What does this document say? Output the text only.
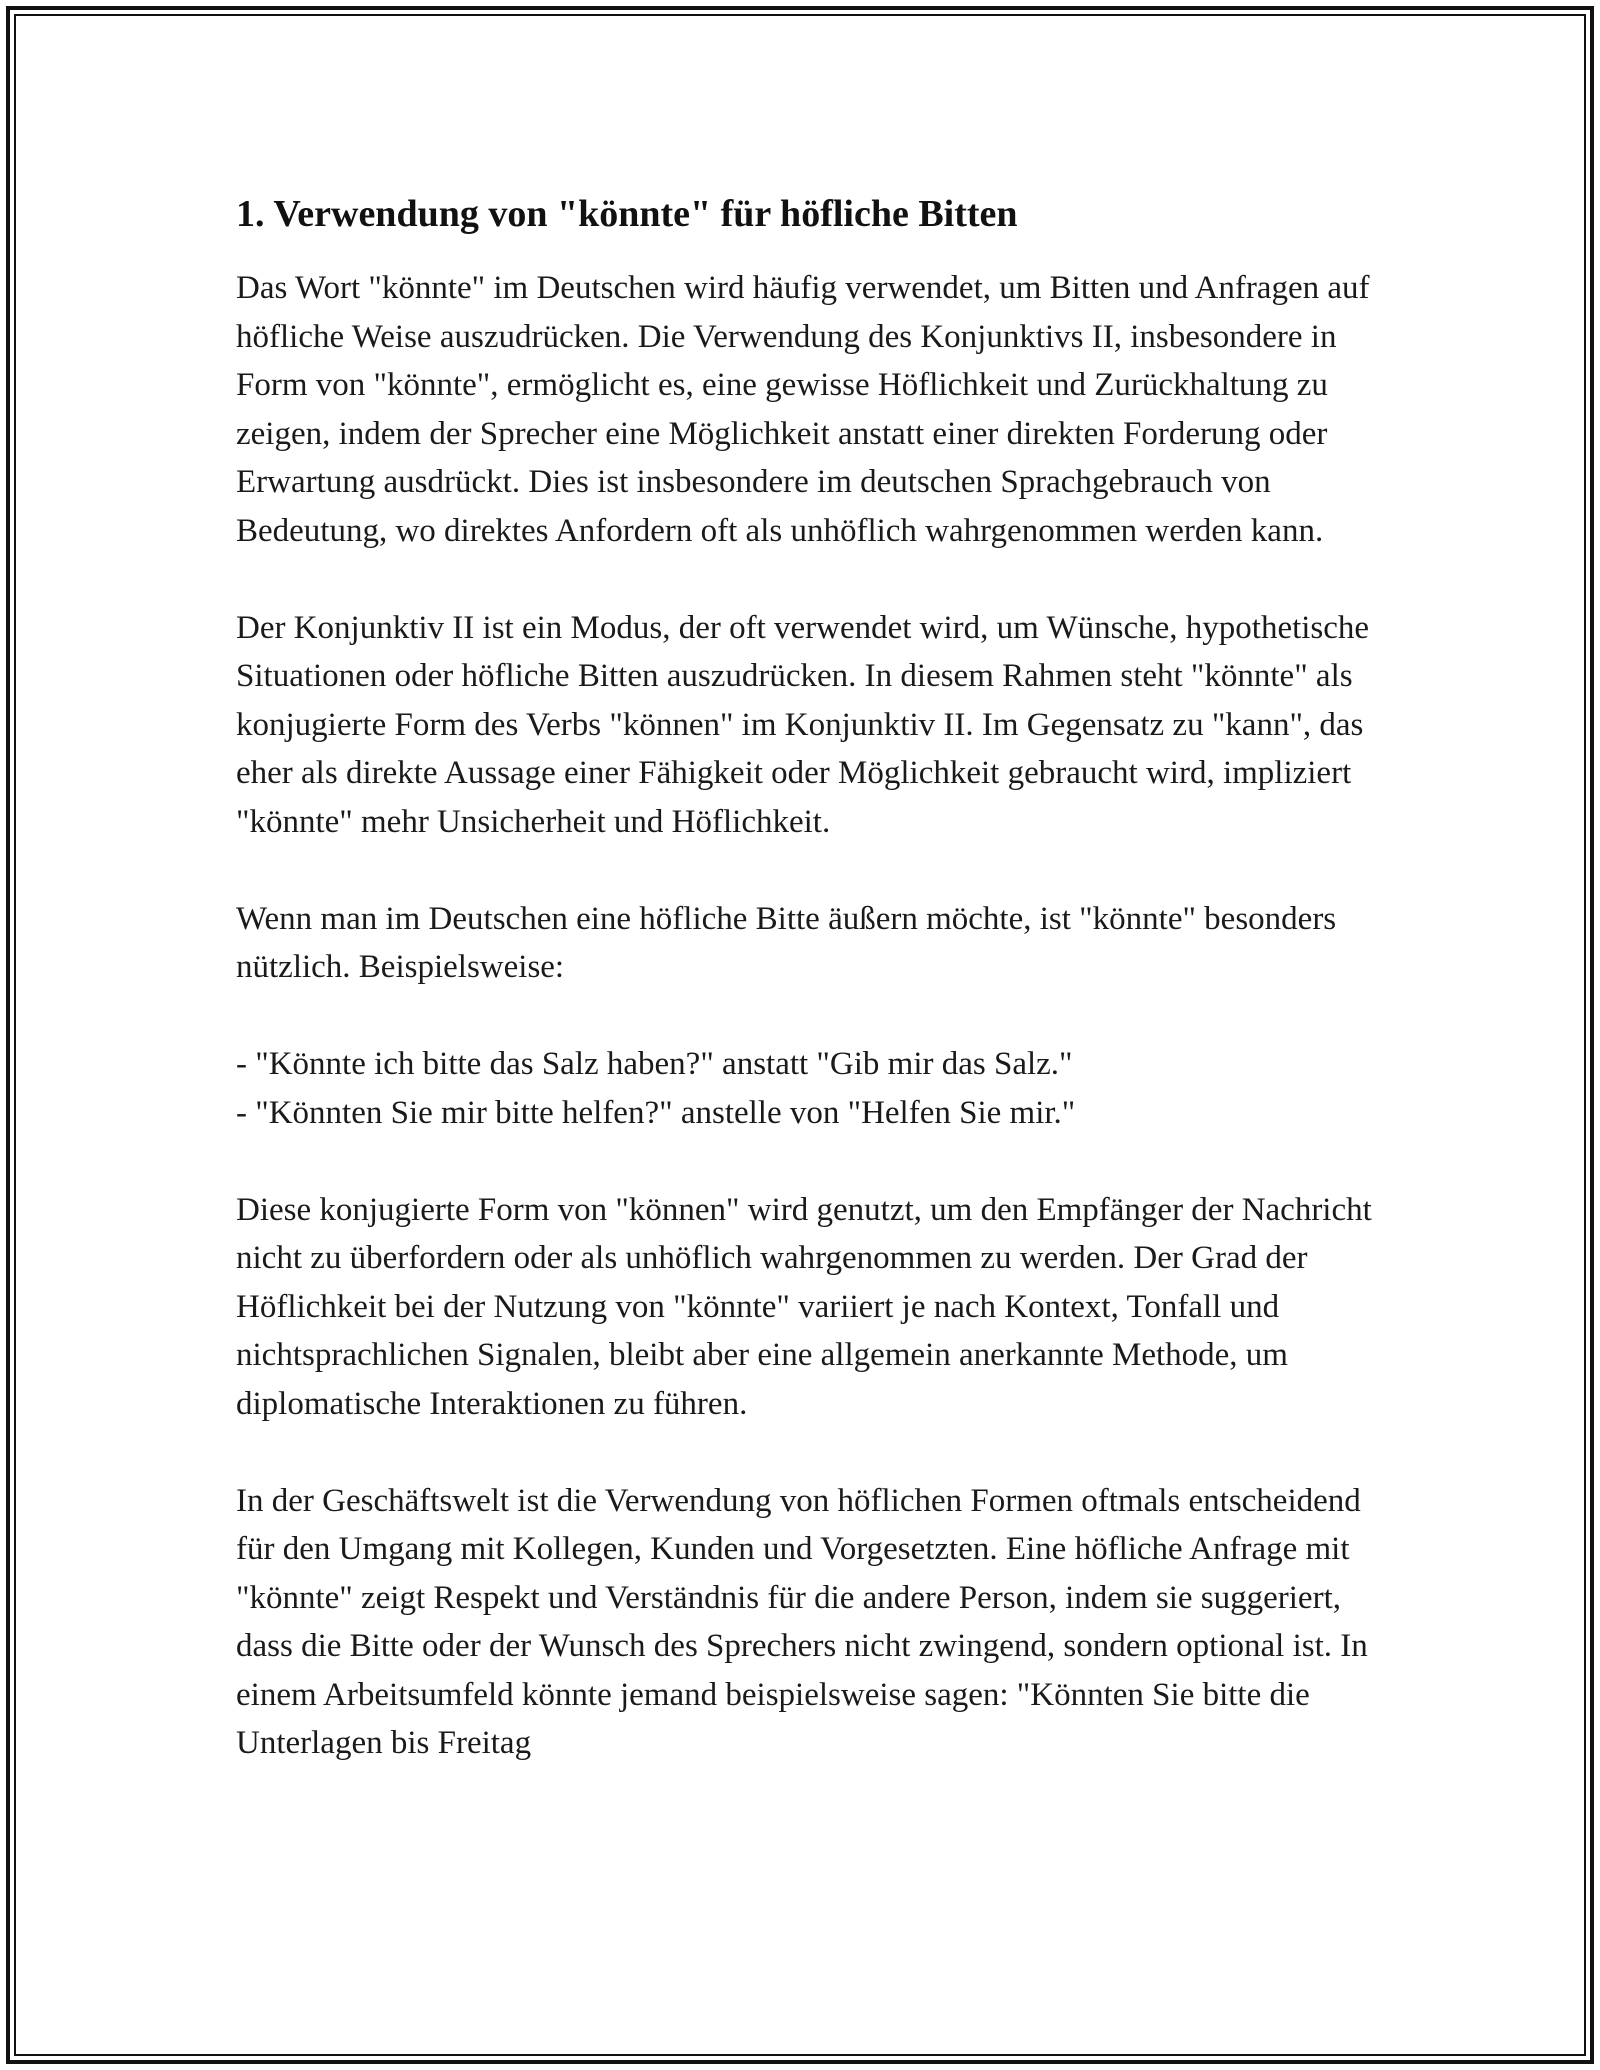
1. Verwendung von "könnte" für höfliche Bitten

Das Wort "könnte" im Deutschen wird häufig verwendet, um Bitten und Anfragen auf höfliche Weise auszudrücken. Die Verwendung des Konjunktivs II, insbesondere in Form von "könnte", ermöglicht es, eine gewisse Höflichkeit und Zurückhaltung zu zeigen, indem der Sprecher eine Möglichkeit anstatt einer direkten Forderung oder Erwartung ausdrückt. Dies ist insbesondere im deutschen Sprachgebrauch von Bedeutung, wo direktes Anfordern oft als unhöflich wahrgenommen werden kann.

Der Konjunktiv II ist ein Modus, der oft verwendet wird, um Wünsche, hypothetische Situationen oder höfliche Bitten auszudrücken. In diesem Rahmen steht "könnte" als konjugierte Form des Verbs "können" im Konjunktiv II. Im Gegensatz zu "kann", das eher als direkte Aussage einer Fähigkeit oder Möglichkeit gebraucht wird, impliziert "könnte" mehr Unsicherheit und Höflichkeit.

Wenn man im Deutschen eine höfliche Bitte äußern möchte, ist "könnte" besonders nützlich. Beispielsweise:

- "Könnte ich bitte das Salz haben?" anstatt "Gib mir das Salz."
- "Könnten Sie mir bitte helfen?" anstelle von "Helfen Sie mir."

Diese konjugierte Form von "können" wird genutzt, um den Empfänger der Nachricht nicht zu überfordern oder als unhöflich wahrgenommen zu werden. Der Grad der Höflichkeit bei der Nutzung von "könnte" variiert je nach Kontext, Tonfall und nichtsprachlichen Signalen, bleibt aber eine allgemein anerkannte Methode, um diplomatische Interaktionen zu führen.

In der Geschäftswelt ist die Verwendung von höflichen Formen oftmals entscheidend für den Umgang mit Kollegen, Kunden und Vorgesetzten. Eine höfliche Anfrage mit "könnte" zeigt Respekt und Verständnis für die andere Person, indem sie suggeriert, dass die Bitte oder der Wunsch des Sprechers nicht zwingend, sondern optional ist. In einem Arbeitsumfeld könnte jemand beispielsweise sagen: "Könnten Sie bitte die Unterlagen bis Freitag
